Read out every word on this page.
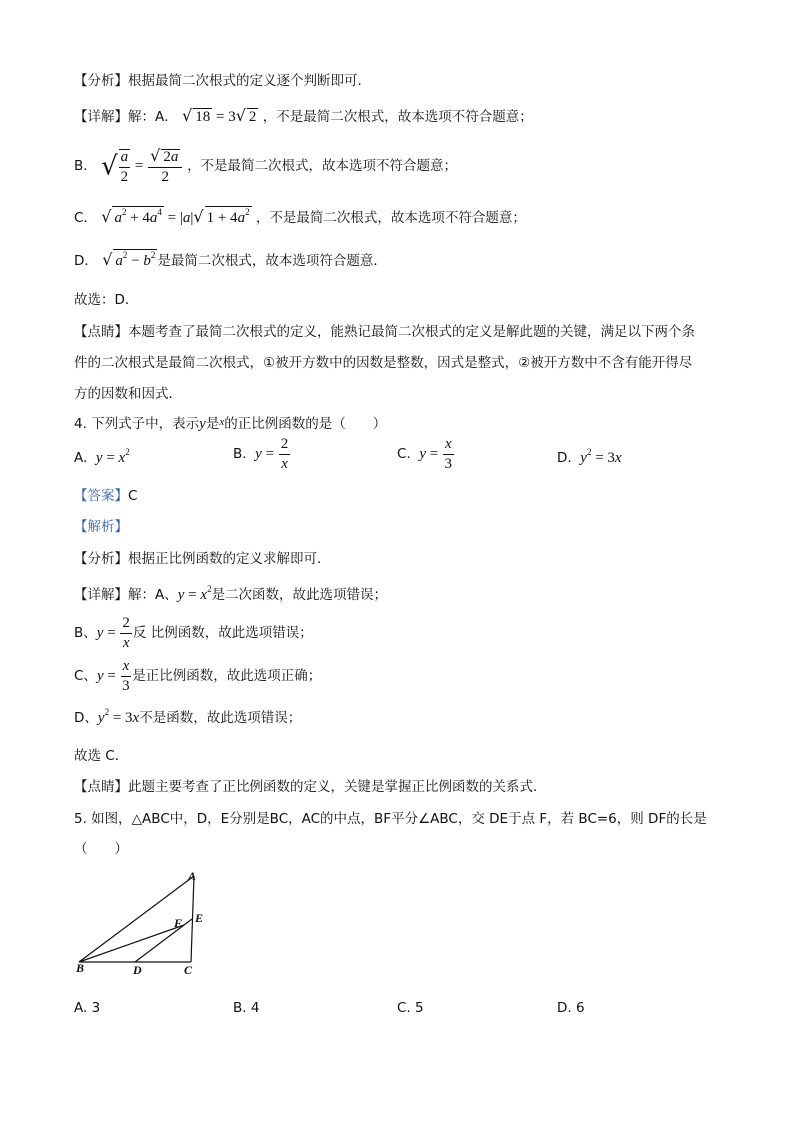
【分析】根据最简二次根式的定义逐个判断即可．
【详解】解：A． √ 18 = 3√ 2 ，不是最简二次根式，故本选项不符合题意；
B． √ $\frac{a}{2} = \frac{√ 2a}{2}$ ，不是最简二次根式，故本选项不符合题意；
C． √ $a^2 + 4a^4 = |a|√$ $1 + 4a^2$ ，不是最简二次根式，故本选项不符合题意；
D． √ $a^2 - b^2$ 是最简二次根式，故本选项符合题意．
故选：D．
【点睛】本题考查了最简二次根式的定义，能熟记最简二次根式的定义是解此题的关键，满足以下两个条
件的二次根式是最简二次根式，①被开方数中的因数是整数，因式是整式，②被开方数中不含有能开得尽
方的因数和因式．
4. 下列式子中，表示y是$^x$的正比例函数的是（　　）
A. $y = x^2$	B. $y = \frac{2}{x}$	C. $y = \frac{x}{3}$	D. $y^2 = 3x$
【答案】C
【解析】
【分析】根据正比例函数的定义求解即可.
【详解】解：A、$y = x^2$是二次函数，故此选项错误；
B、$y = \frac{2}{x}$ 反 比例函数，故此选项错误；
C、$y = \frac{x}{3}$ 是正比例函数，故此选项正确；
D、$y^2 = 3x$不是函数，故此选项错误；
故选 C．
【点睛】此题主要考查了正比例函数的定义，关键是掌握正比例函数的关系式．
5. 如图，△ABC中，D，E分别是BC，AC的中点，BF平分∠ABC，交 DE于点 F，若 BC=6，则 DF的长是
（　　）
A
B	C
D
E
F
A. 3	B. 4	C. 5	D. 6
